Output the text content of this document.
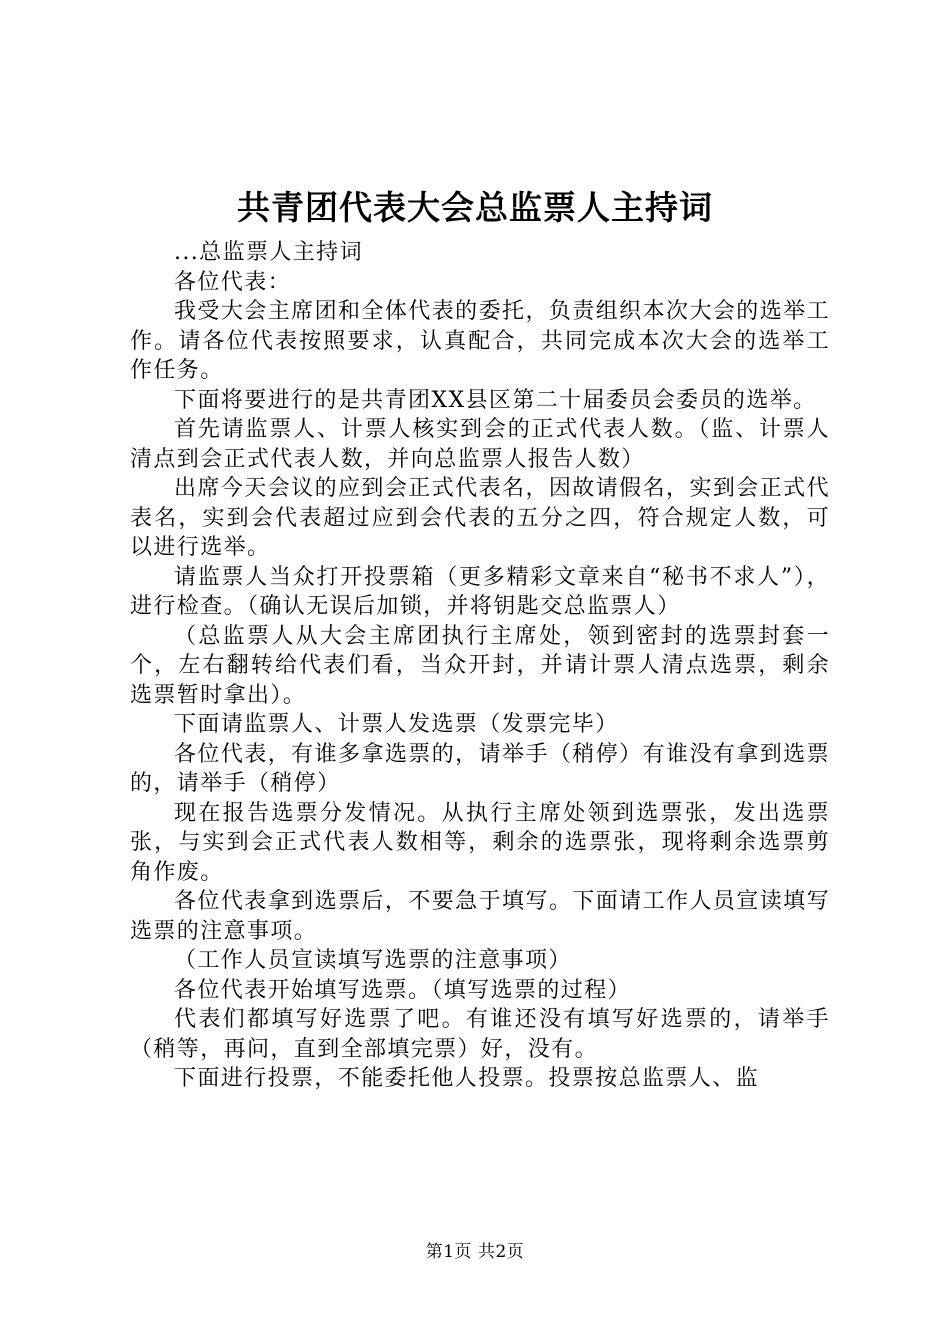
共青团代表大会总监票人主持词

...总监票人主持词

各位代表：

我受大会主席团和全体代表的委托，负责组织本次大会的选举工作。请各位代表按照要求，认真配合，共同完成本次大会的选举工作任务。

下面将要进行的是共青团XX县区第二十届委员会委员的选举。

首先请监票人、计票人核实到会的正式代表人数。（监、计票人清点到会正式代表人数，并向总监票人报告人数）

出席今天会议的应到会正式代表名，因故请假名，实到会正式代表名，实到会代表超过应到会代表的五分之四，符合规定人数，可以进行选举。

请监票人当众打开投票箱（更多精彩文章来自“秘书不求人”），进行检查。（确认无误后加锁，并将钥匙交总监票人）

（总监票人从大会主席团执行主席处，领到密封的选票封套一个，左右翻转给代表们看，当众开封，并请计票人清点选票，剩余选票暂时拿出）。

下面请监票人、计票人发选票（发票完毕）

各位代表，有谁多拿选票的，请举手（稍停）有谁没有拿到选票的，请举手（稍停）

现在报告选票分发情况。从执行主席处领到选票张，发出选票张，与实到会正式代表人数相等，剩余的选票张，现将剩余选票剪角作废。

各位代表拿到选票后，不要急于填写。下面请工作人员宣读填写选票的注意事项。

（工作人员宣读填写选票的注意事项）

各位代表开始填写选票。（填写选票的过程）

代表们都填写好选票了吧。有谁还没有填写好选票的，请举手（稍等，再问，直到全部填完票）好，没有。

下面进行投票，不能委托他人投票。投票按总监票人、监

第1页 共2页
